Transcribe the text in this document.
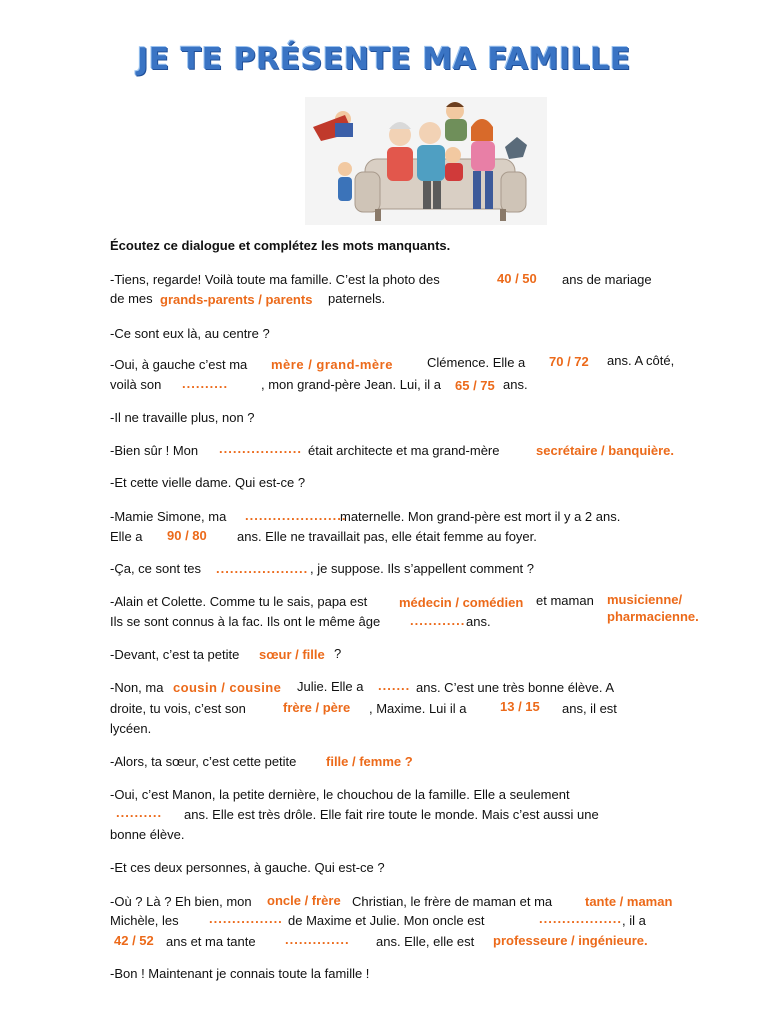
JE TE PRÉSENTE MA FAMILLE
Écoutez ce dialogue et complétez les mots manquants.
-Tiens, regarde! Voilà toute ma famille. C’est la photo des	40 / 50 ans de mariage
de mes grands-parents / parents paternels.
-Ce sont eux là, au centre ?
-Oui, à gauche c’est ma mère / grand-mère	Clémence. Elle a 70 / 72 ans. A côté,
voilà son ..........	, mon grand-père Jean. Lui, il a 65 / 75 ans.
-Il ne travaille plus, non ?
-Bien sûr ! Mon .................. était architecte et ma grand-mère	secrétaire / banquière.
-Et cette vielle dame. Qui est-ce ?
-Mamie Simone, ma ......................
maternelle. Mon grand-père est mort il y a 2 ans.
Elle a 90 / 80 ans. Elle ne travaillait pas, elle était femme au foyer.
-Ça, ce sont tes .................... , je suppose. Ils s’appellent comment ?
-Alain et Colette. Comme tu le sais, papa est médecin / comédien et maman musicienne/
pharmacienne.
Ils se sont connus à la fac. Ils ont le même âge ............ ans.
-Devant, c’est ta petite sœur / fille ?
-Non, ma cousin / cousine Julie. Elle a ....... ans. C’est une très bonne élève. A
droite, tu vois, c’est son	frère / père , Maxime. Lui il a	13 / 15 ans, il est
lycéen.
-Alors, ta sœur, c’est cette petite fille / femme ?
-Oui, c’est Manon, la petite dernière, le chouchou de la famille. Elle a seulement
.......... ans. Elle est très drôle. Elle fait rire toute le monde. Mais c’est aussi une
bonne élève.
-Et ces deux personnes, à gauche. Qui est-ce ?
-Où ? Là ? Eh bien, mon oncle / frère Christian, le frère de maman et ma	tante / maman
Michèle, les ................ de Maxime et Julie. Mon oncle est	.................. , il a
42 / 52 ans et ma tante .............. ans. Elle, elle est professeure / ingénieure.
-Bon ! Maintenant je connais toute la famille !
